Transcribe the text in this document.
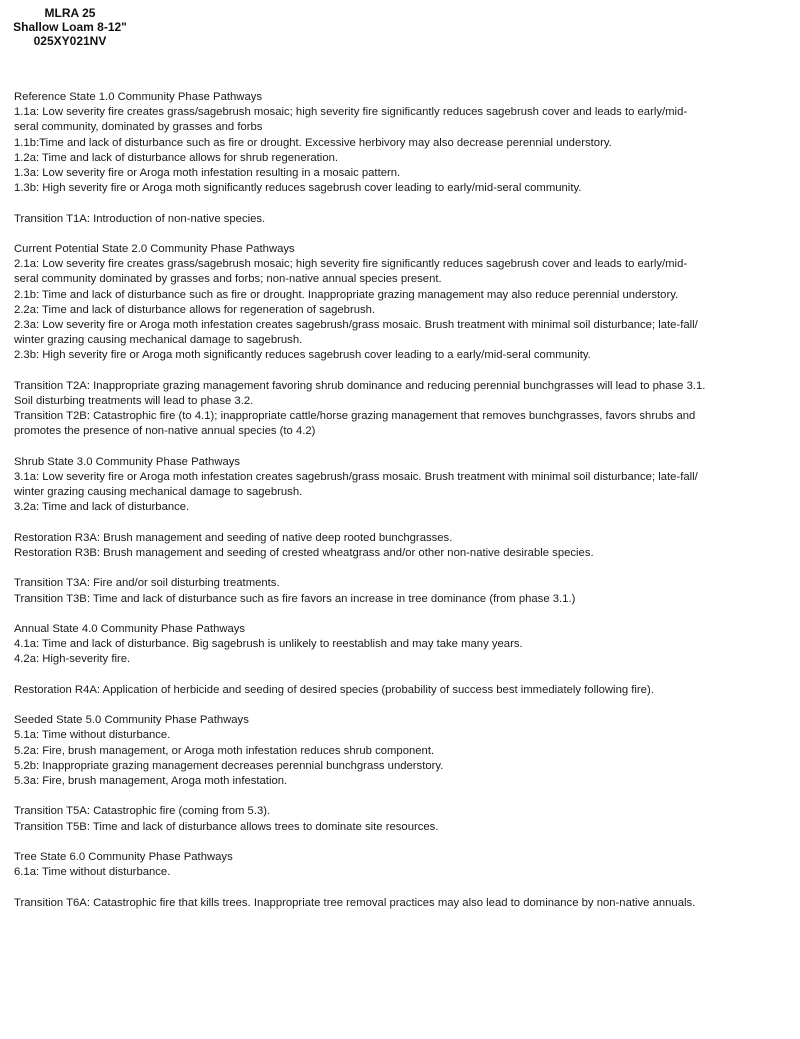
MLRA 25
Shallow Loam 8-12"
025XY021NV
Reference State 1.0 Community Phase Pathways
1.1a: Low severity fire creates grass/sagebrush mosaic; high severity fire significantly reduces sagebrush cover and leads to early/mid-
seral community, dominated by grasses and forbs
1.1b:Time and lack of disturbance such as fire or drought. Excessive herbivory may also decrease perennial understory.
1.2a: Time and lack of disturbance allows for shrub regeneration.
1.3a: Low severity fire or Aroga moth infestation resulting in a mosaic pattern.
1.3b: High severity fire or Aroga moth significantly reduces sagebrush cover leading to early/mid-seral community.
Transition T1A: Introduction of non-native species.
Current Potential State 2.0 Community Phase Pathways
2.1a: Low severity fire creates grass/sagebrush mosaic; high severity fire significantly reduces sagebrush cover and leads to early/mid-
seral community dominated by grasses and forbs; non-native annual species present.
2.1b: Time and lack of disturbance such as fire or drought. Inappropriate grazing management may also reduce perennial understory.
2.2a: Time and lack of disturbance allows for regeneration of sagebrush.
2.3a: Low severity fire or Aroga moth infestation creates sagebrush/grass mosaic. Brush treatment with minimal soil disturbance; late-fall/
winter grazing causing mechanical damage to sagebrush.
2.3b: High severity fire or Aroga moth significantly reduces sagebrush cover leading to a early/mid-seral community.
Transition T2A: Inappropriate grazing management favoring shrub dominance and reducing perennial bunchgrasses will lead to phase 3.1.
Soil disturbing treatments will lead to phase 3.2.
Transition T2B: Catastrophic fire (to 4.1); inappropriate cattle/horse grazing management that removes bunchgrasses, favors shrubs and
promotes the presence of non-native annual species (to 4.2)
Shrub State 3.0 Community Phase Pathways
3.1a: Low severity fire or Aroga moth infestation creates sagebrush/grass mosaic. Brush treatment with minimal soil disturbance; late-fall/
winter grazing causing mechanical damage to sagebrush.
3.2a: Time and lack of disturbance.
Restoration R3A: Brush management and seeding of native deep rooted bunchgrasses.
Restoration R3B: Brush management and seeding of crested wheatgrass and/or other non-native desirable species.
Transition T3A: Fire and/or soil disturbing treatments.
Transition T3B: Time and lack of disturbance such as fire favors an increase in tree dominance (from phase 3.1.)
Annual State 4.0 Community Phase Pathways
4.1a: Time and lack of disturbance. Big sagebrush is unlikely to reestablish and may take many years.
4.2a: High-severity fire.
Restoration R4A: Application of herbicide and seeding of desired species (probability of success best immediately following fire).
Seeded State 5.0 Community Phase Pathways
5.1a: Time without disturbance.
5.2a: Fire, brush management, or Aroga moth infestation reduces shrub component.
5.2b: Inappropriate grazing management decreases perennial bunchgrass understory.
5.3a: Fire, brush management, Aroga moth infestation.
Transition T5A: Catastrophic fire (coming from 5.3).
Transition T5B: Time and lack of disturbance allows trees to dominate site resources.
Tree State 6.0 Community Phase Pathways
6.1a: Time without disturbance.
Transition T6A: Catastrophic fire that kills trees. Inappropriate tree removal practices may also lead to dominance by non-native annuals.
